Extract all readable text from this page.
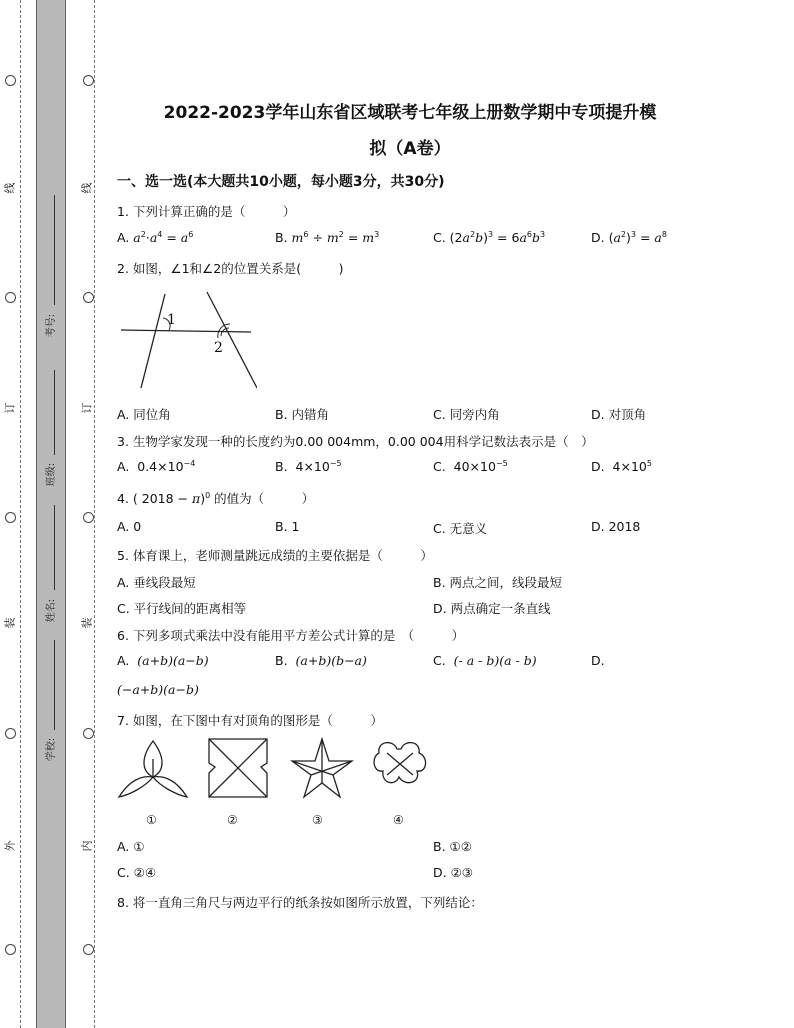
线
订
装
外
线
订
装
内
考号:
班级:
姓名:
学校:
2022-2023学年山东省区域联考七年级上册数学期中专项提升模
拟（A卷）
一、选一选(本大题共10小题，每小题3分，共30分)
1. 下列计算正确的是（　　　）
A. $a^2\cdot a^4 = a^6$	B. $m^6 \div m^2 = m^3$	C. $(2a^2b)^3 = 6a^6b^3$	D. $(a^2)^3 = a^8$
2. 如图，∠1和∠2的位置关系是(　　　)
1
2
A. 同位角	B. 内错角	C. 同旁内角	D. 对顶角
3. 生物学家发现一种的长度约为0.00 004mm，0.00 004用科学记数法表示是（　）
A.  $0.4\times 10^{-4}$	B.  $4\times 10^{-5}$	C.  $40\times 10^{-5}$	D.  $4\times 10^5$
4. ( 2018 − π)$^0$ 的值为（　　　）
A. 0	B. 1	C. 无意义	D. 2018
5. 体育课上，老师测量跳远成绩的主要依据是（　　　）
A. 垂线段最短	B. 两点之间，线段最短
C. 平行线间的距离相等	D. 两点确定一条直线
6. 下列多项式乘法中没有能用平方差公式计算的是　（　　　）
A. (a+b)(a−b)	B. (a+b)(b−a)	C. (- a - b)(a - b)	D.
(−a+b)(a−b)
7. 如图，在下图中有对顶角的图形是（　　　）
①	②	③	④
A. ①	B. ①②
C. ②④	D. ②③
8. 将一直角三角尺与两边平行的纸条按如图所示放置，下列结论：
